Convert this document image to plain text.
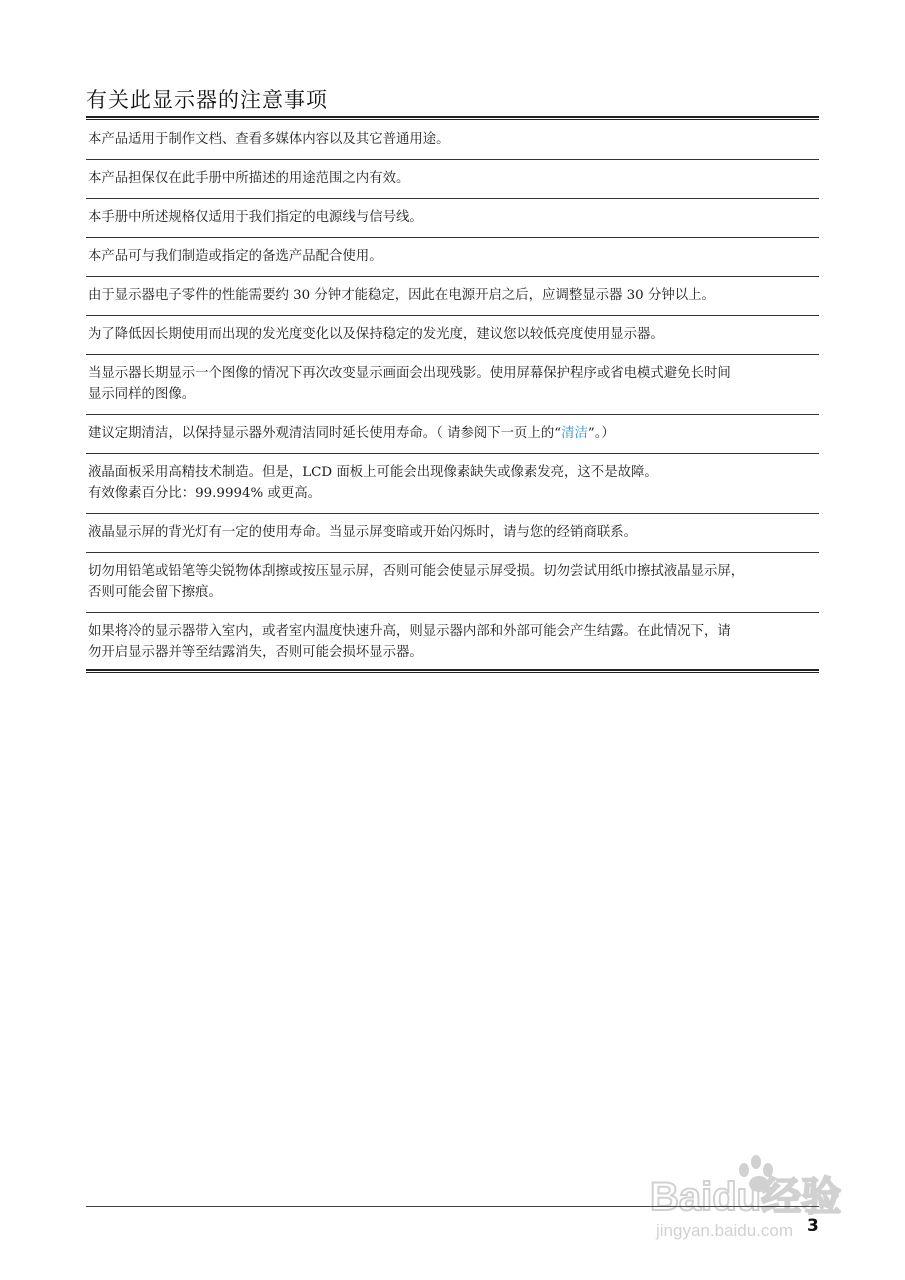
有关此显示器的注意事项
本产品适用于制作文档、查看多媒体内容以及其它普通用途。
本产品担保仅在此手册中所描述的用途范围之内有效。
本手册中所述规格仅适用于我们指定的电源线与信号线。
本产品可与我们制造或指定的备选产品配合使用。
由于显示器电子零件的性能需要约 30 分钟才能稳定，因此在电源开启之后，应调整显示器 30 分钟以上。
为了降低因长期使用而出现的发光度变化以及保持稳定的发光度，建议您以较低亮度使用显示器。
当显示器长期显示一个图像的情况下再次改变显示画面会出现残影。使用屏幕保护程序或省电模式避免长时间
显示同样的图像。
建议定期清洁，以保持显示器外观清洁同时延长使用寿命。（ 请参阅下一页上的“清洁”。）
液晶面板采用高精技术制造。但是，LCD 面板上可能会出现像素缺失或像素发亮，这不是故障。
有效像素百分比：99.9994% 或更高。
液晶显示屏的背光灯有一定的使用寿命。当显示屏变暗或开始闪烁时，请与您的经销商联系。
切勿用铅笔或铅笔等尖锐物体刮擦或按压显示屏，否则可能会使显示屏受损。切勿尝试用纸巾擦拭液晶显示屏，
否则可能会留下擦痕。
如果将冷的显示器带入室内，或者室内温度快速升高，则显示器内部和外部可能会产生结露。在此情况下，请
勿开启显示器并等至结露消失，否则可能会损坏显示器。
Baidu经验
jingyan.baidu.com 3
